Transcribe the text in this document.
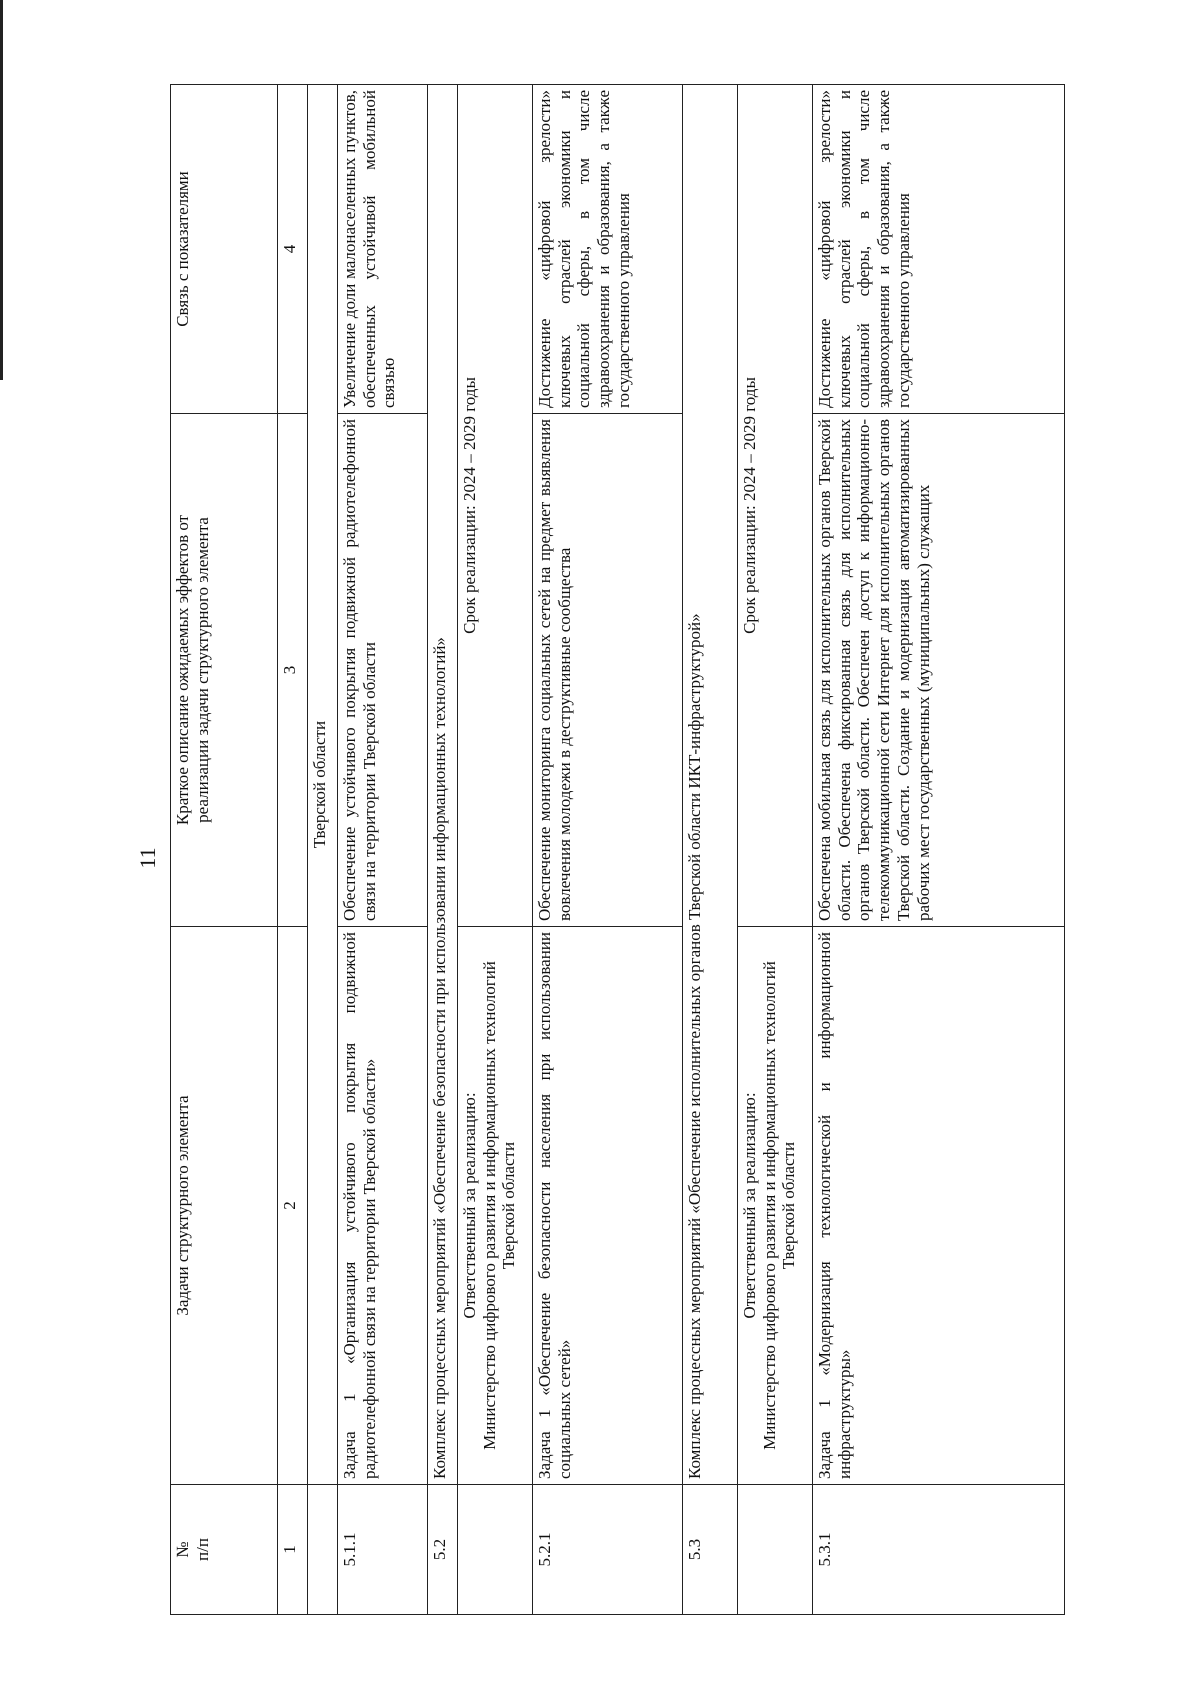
11
№ п/п	Задачи структурного элемента	Краткое описание ожидаемых эффектов от реализации задачи структурного элемента	Связь с показателями
1	2	3	4
	Тверской области		
5.1.1	Задача 1 «Организация устойчивого покрытия подвижной радиотелефонной связи на территории Тверской области»	Обеспечение устойчивого покрытия подвижной радиотелефонной связи на территории Тверской области	Увеличение доли малонаселенных пунктов, обеспеченных устойчивой мобильной связью
5.2	Комплекс процессных мероприятий «Обеспечение безопасности при использовании информационных технологий»		

	Ответственный за реализацию: Министерство цифрового развития и информационных технологий Тверской области	Срок реализации: 2024 – 2029 годы	
5.2.1	Задача 1 «Обеспечение безопасности населения при использовании социальных сетей»	Обеспечение мониторинга социальных сетей на предмет выявления вовлечения молодежи в деструктивные сообщества	Достижение «цифровой зрелости» ключевых отраслей экономики и социальной сферы, в том числе здравоохранения и образования, а также государственного управления
5.3	Комплекс процессных мероприятий «Обеспечение исполнительных органов Тверской области ИКТ-инфраструктурой»		

	Ответственный за реализацию: Министерство цифрового развития и информационных технологий Тверской области	Срок реализации: 2024 – 2029 годы	
5.3.1	Задача 1 «Модернизация технологической и информационной инфраструктуры»	Обеспечена мобильная связь для исполнительных органов Тверской области. Обеспечена фиксированная связь для исполнительных органов Тверской области. Обеспечен доступ к информационно-телекоммуникационной сети Интернет для исполнительных органов Тверской области. Создание и модернизация автоматизированных рабочих мест государственных (муниципальных) служащих	Достижение «цифровой зрелости» ключевых отраслей экономики и социальной сферы, в том числе здравоохранения и образования, а также государственного управления
